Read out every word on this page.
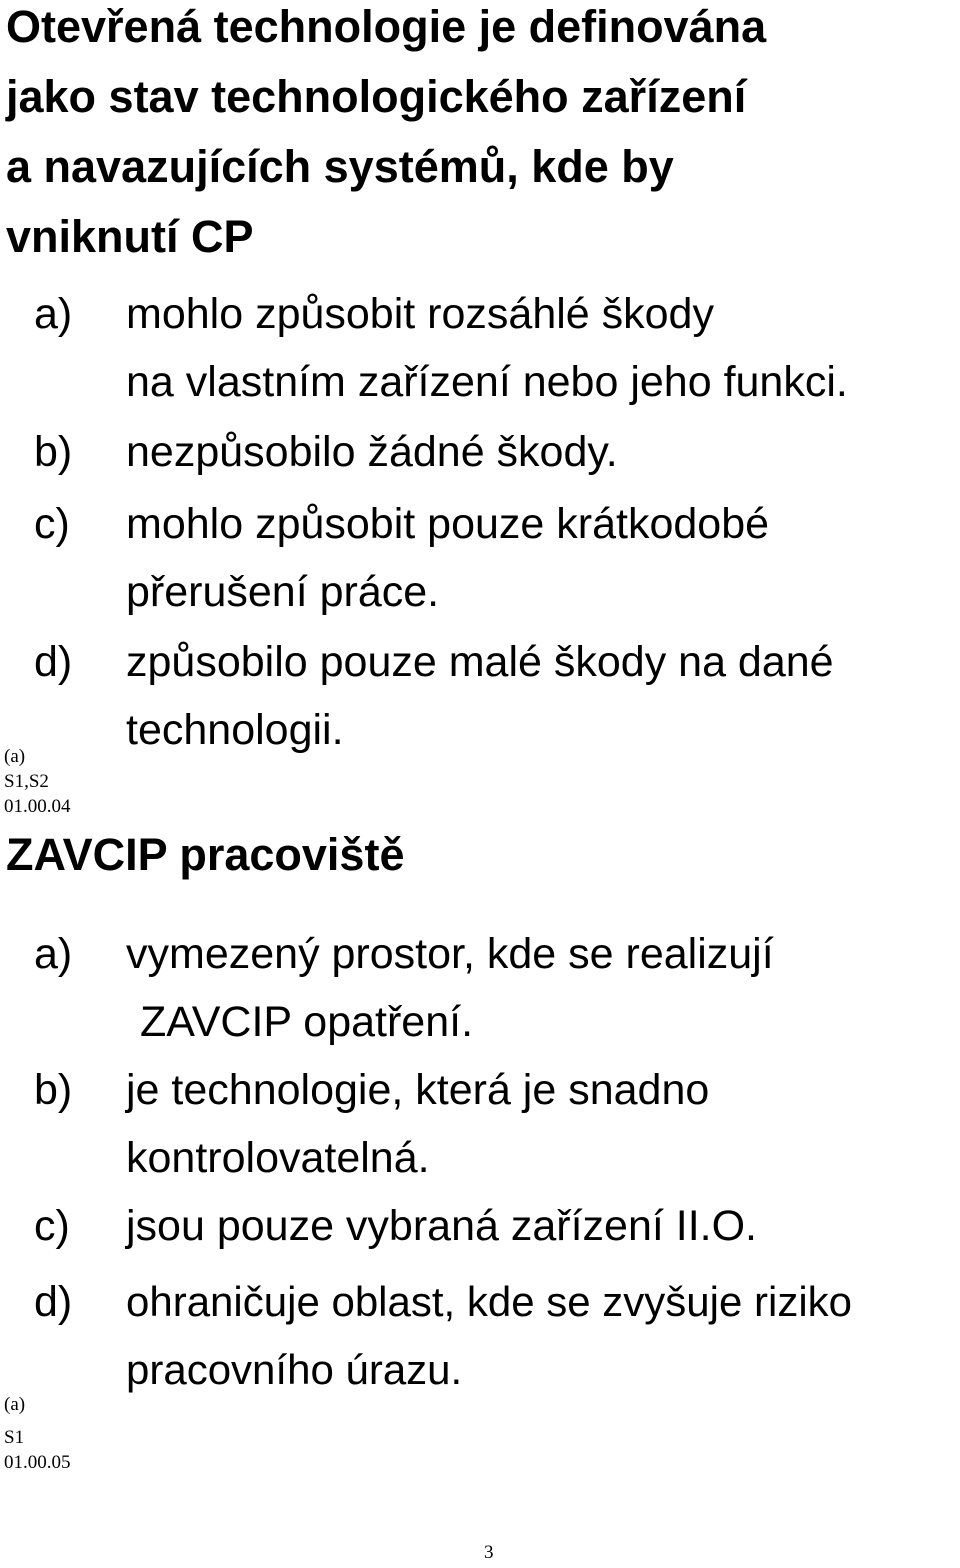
Otevřená technologie je definována
jako stav technologického zařízení
a navazujících systémů, kde by
vniknutí CP
a) mohlo způsobit rozsáhlé škody
na vlastním zařízení nebo jeho funkci.
b) nezpůsobilo žádné škody.
c) mohlo způsobit pouze krátkodobé
přerušení práce.
d) způsobilo pouze malé škody na dané
technologii.
(a)
S1,S2
01.00.04
ZAVCIP pracoviště
a) vymezený prostor, kde se realizují
ZAVCIP opatření.
b) je technologie, která je snadno
kontrolovatelná.
c) jsou pouze vybraná zařízení II.O.
d) ohraničuje oblast, kde se zvyšuje riziko
pracovního úrazu.
(a)
S1
01.00.05
3
